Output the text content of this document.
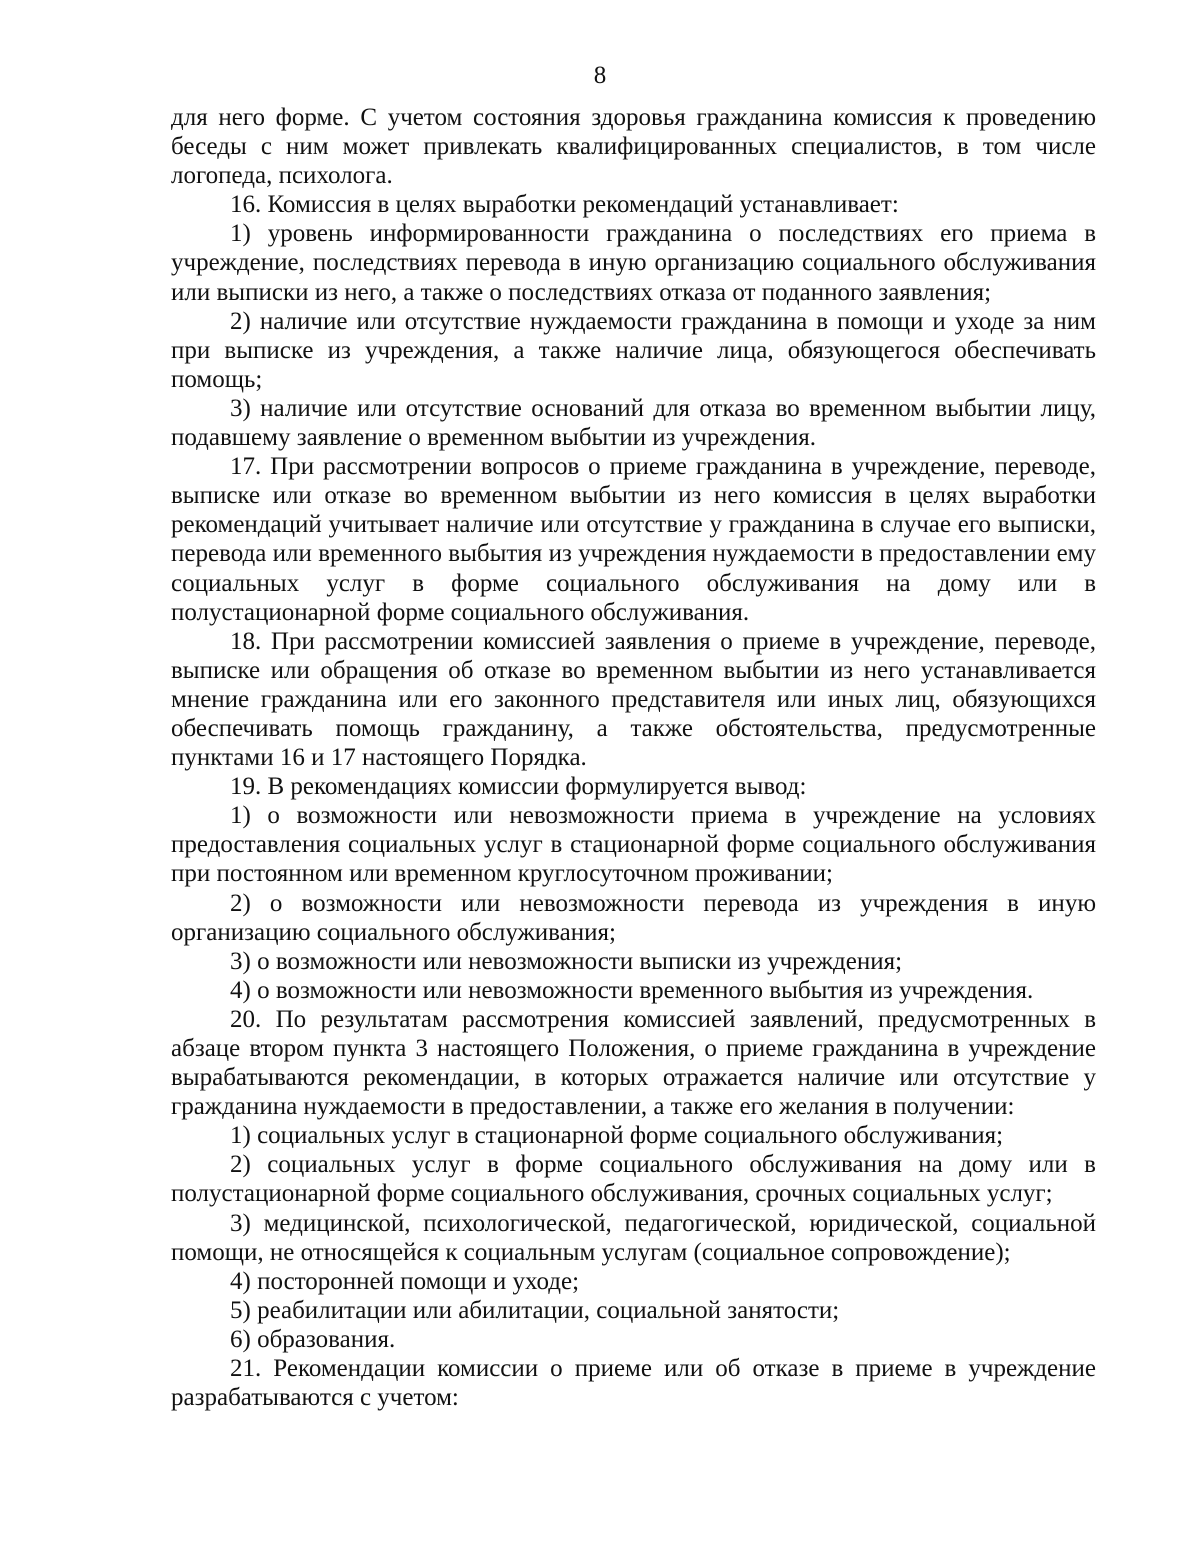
8

для него форме. С учетом состояния здоровья гражданина комиссия к проведению беседы с ним может привлекать квалифицированных специалистов, в том числе логопеда, психолога.

16. Комиссия в целях выработки рекомендаций устанавливает:

1) уровень информированности гражданина о последствиях его приема в учреждение, последствиях перевода в иную организацию социального обслуживания или выписки из него, а также о последствиях отказа от поданного заявления;

2) наличие или отсутствие нуждаемости гражданина в помощи и уходе за ним при выписке из учреждения, а также наличие лица, обязующегося обеспечивать помощь;

3) наличие или отсутствие оснований для отказа во временном выбытии лицу, подавшему заявление о временном выбытии из учреждения.

17. При рассмотрении вопросов о приеме гражданина в учреждение, переводе, выписке или отказе во временном выбытии из него комиссия в целях выработки рекомендаций учитывает наличие или отсутствие у гражданина в случае его выписки, перевода или временного выбытия из учреждения нуждаемости в предоставлении ему социальных услуг в форме социального обслуживания на дому или в полустационарной форме социального обслуживания.

18. При рассмотрении комиссией заявления о приеме в учреждение, переводе, выписке или обращения об отказе во временном выбытии из него устанавливается мнение гражданина или его законного представителя или иных лиц, обязующихся обеспечивать помощь гражданину, а также обстоятельства, предусмотренные пунктами 16 и 17 настоящего Порядка.

19. В рекомендациях комиссии формулируется вывод:

1) о возможности или невозможности приема в учреждение на условиях предоставления социальных услуг в стационарной форме социального обслуживания при постоянном или временном круглосуточном проживании;

2) о возможности или невозможности перевода из учреждения в иную организацию социального обслуживания;

3) о возможности или невозможности выписки из учреждения;

4) о возможности или невозможности временного выбытия из учреждения.

20. По результатам рассмотрения комиссией заявлений, предусмотренных в абзаце втором пункта 3 настоящего Положения, о приеме гражданина в учреждение вырабатываются рекомендации, в которых отражается наличие или отсутствие у гражданина нуждаемости в предоставлении, а также его желания в получении:

1) социальных услуг в стационарной форме социального обслуживания;

2) социальных услуг в форме социального обслуживания на дому или в полустационарной форме социального обслуживания, срочных социальных услуг;

3) медицинской, психологической, педагогической, юридической, социальной помощи, не относящейся к социальным услугам (социальное сопровождение);

4) посторонней помощи и уходе;

5) реабилитации или абилитации, социальной занятости;

6) образования.

21. Рекомендации комиссии о приеме или об отказе в приеме в учреждение разрабатываются с учетом:
